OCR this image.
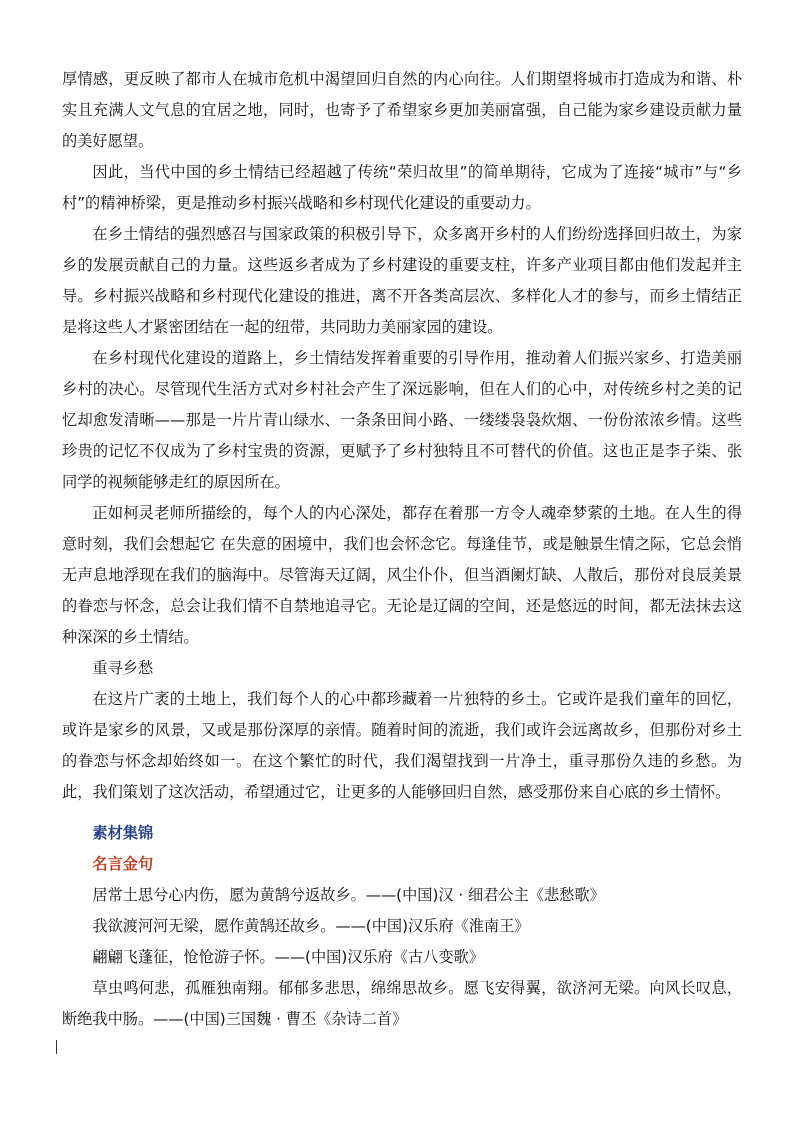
厚情感，更反映了都市人在城市危机中渴望回归自然的内心向往。人们期望将城市打造成为和谐、朴实且充满人文气息的宜居之地，同时，也寄予了希望家乡更加美丽富强，自己能为家乡建设贡献力量的美好愿望。

因此，当代中国的乡土情结已经超越了传统“荣归故里”的简单期待，它成为了连接“城市”与“乡村”的精神桥梁，更是推动乡村振兴战略和乡村现代化建设的重要动力。

在乡土情结的强烈感召与国家政策的积极引导下，众多离开乡村的人们纷纷选择回归故土，为家乡的发展贡献自己的力量。这些返乡者成为了乡村建设的重要支柱，许多产业项目都由他们发起并主导。乡村振兴战略和乡村现代化建设的推进，离不开各类高层次、多样化人才的参与，而乡土情结正是将这些人才紧密团结在一起的纽带，共同助力美丽家园的建设。

在乡村现代化建设的道路上，乡土情结发挥着重要的引导作用，推动着人们振兴家乡、打造美丽乡村的决心。尽管现代生活方式对乡村社会产生了深远影响，但在人们的心中，对传统乡村之美的记忆却愈发清晰——那是一片片青山绿水、一条条田间小路、一缕缕袅袅炊烟、一份份浓浓乡情。这些珍贵的记忆不仅成为了乡村宝贵的资源，更赋予了乡村独特且不可替代的价值。这也正是李子柒、张同学的视频能够走红的原因所在。

正如柯灵老师所描绘的，每个人的内心深处，都存在着那一方令人魂牵梦萦的土地。在人生的得意时刻，我们会想起它 在失意的困境中，我们也会怀念它。每逢佳节，或是触景生情之际，它总会悄无声息地浮现在我们的脑海中。尽管海天辽阔，风尘仆仆，但当酒阑灯缺、人散后，那份对良辰美景的眷恋与怀念，总会让我们情不自禁地追寻它。无论是辽阔的空间，还是悠远的时间，都无法抹去这种深深的乡土情结。

重寻乡愁

在这片广袤的土地上，我们每个人的心中都珍藏着一片独特的乡土。它或许是我们童年的回忆，或许是家乡的风景，又或是那份深厚的亲情。随着时间的流逝，我们或许会远离故乡，但那份对乡土的眷恋与怀念却始终如一。在这个繁忙的时代，我们渴望找到一片净土，重寻那份久违的乡愁。为此，我们策划了这次活动，希望通过它，让更多的人能够回归自然，感受那份来自心底的乡土情怀。

素材集锦

名言金句

居常土思兮心内伤，愿为黄鹄兮返故乡。——(中国)汉 · 细君公主《悲愁歌》

我欲渡河河无梁，愿作黄鹄还故乡。——(中国)汉乐府《淮南王》

翩翩飞蓬征，怆怆游子怀。——(中国)汉乐府《古八变歌》

草虫鸣何悲，孤雁独南翔。郁郁多悲思，绵绵思故乡。愿飞安得翼，欲济河无梁。向风长叹息，断绝我中肠。——(中国)三国魏 · 曹丕《杂诗二首》
